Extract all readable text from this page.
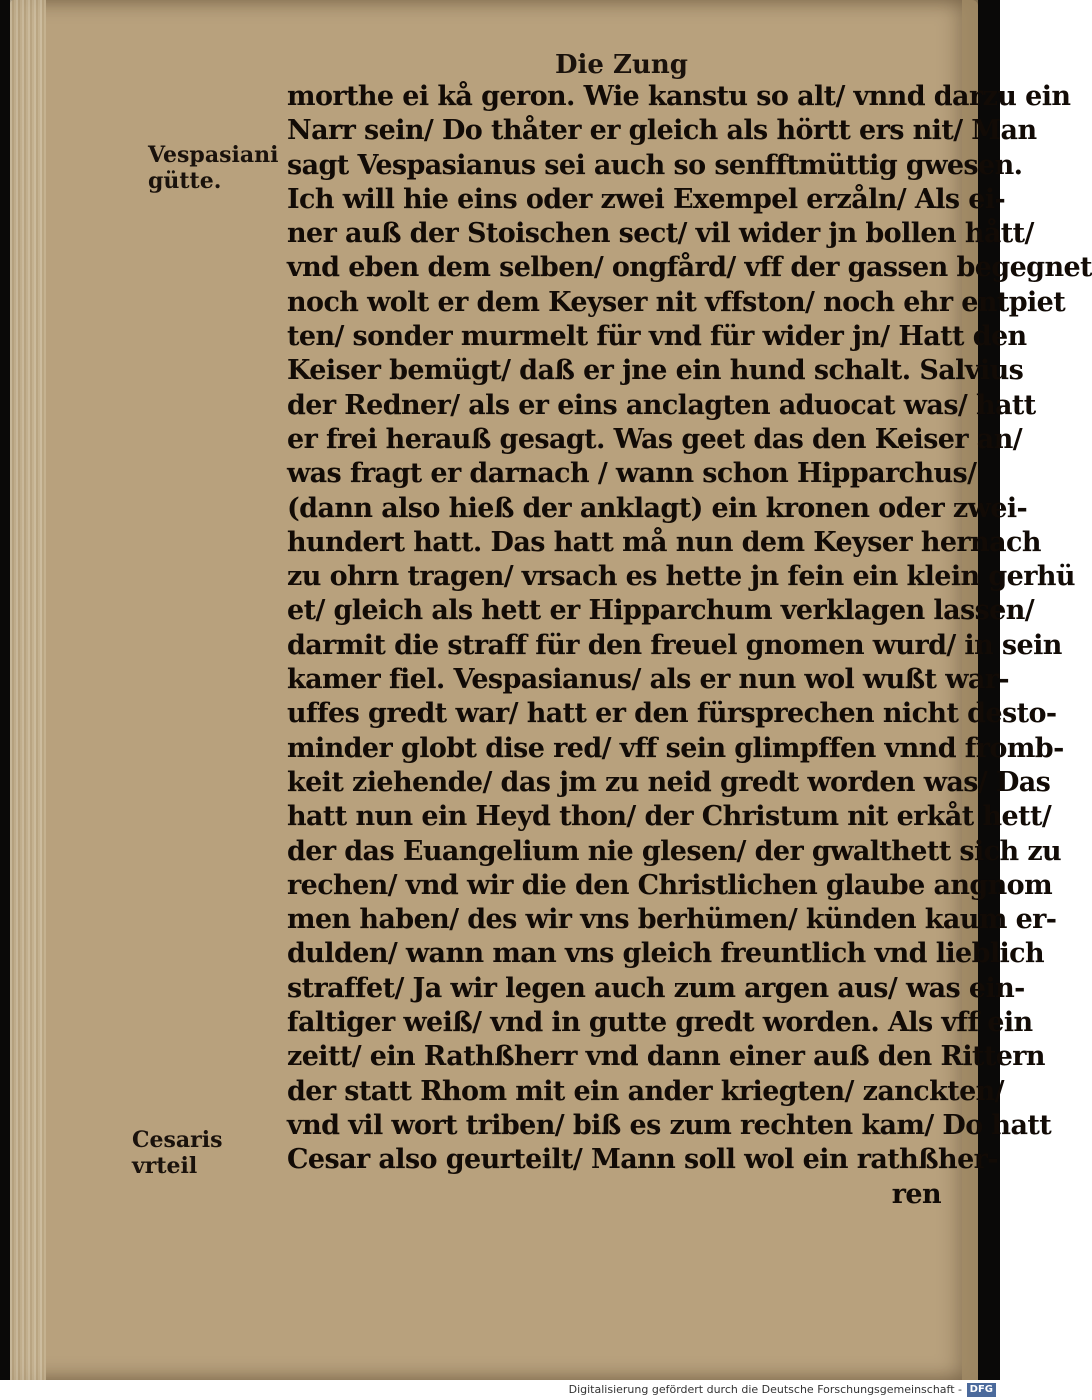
Die Zung
Vespasiani gütte.
Cesaris vrteil
morthe ei kå geron. Wie kanstu so alt/ vnnd darzu ein
Narr sein/ Do thåter er gleich als hörtt ers nit/ Man
sagt Vespasianus sei auch so senfftmüttig gwesen.
Ich will hie eins oder zwei Exempel erzåln/ Als ei-
ner auß der Stoischen sect/ vil wider jn bollen hått/
vnd eben dem selben/ ongfård/ vff der gassen begegnet
noch wolt er dem Keyser nit vffston/ noch ehr entpiet
ten/ sonder murmelt für vnd für wider jn/ Hatt den
Keiser bemügt/ daß er jne ein hund schalt. Salvius
der Redner/ als er eins anclagten aduocat was/ hatt
er frei herauß gesagt. Was geet das den Keiser an/
was fragt er darnach / wann schon Hipparchus/
(dann also hieß der anklagt) ein kronen oder zwei-
hundert hatt. Das hatt må nun dem Keyser hernach
zu ohrn tragen/ vrsach es hette jn fein ein klein gerhü
et/ gleich als hett er Hipparchum verklagen lassen/
darmit die straff für den freuel gnomen wurd/ in sein
kamer fiel. Vespasianus/ als er nun wol wußt war-
uffes gredt war/ hatt er den fürsprechen nicht desto-
minder globt dise red/ vff sein glimpffen vnnd fromb-
keit ziehende/ das jm zu neid gredt worden was/ Das
hatt nun ein Heyd thon/ der Christum nit erkåt hett/
der das Euangelium nie glesen/ der gwalthett sich zu
rechen/ vnd wir die den Christlichen glaube angnom
men haben/ des wir vns berhümen/ künden kaum er-
dulden/ wann man vns gleich freuntlich vnd lieblich
straffet/ Ja wir legen auch zum argen aus/ was ein-
faltiger weiß/ vnd in gutte gredt worden. Als vff ein
zeitt/ ein Rathßherr vnd dann einer auß den Rittern
der statt Rhom mit ein ander kriegten/ zanckten/
vnd vil wort triben/ biß es zum rechten kam/ Do hatt
Cesar also geurteilt/ Mann soll wol ein rathßher-
ren
Digitalisierung gefördert durch die Deutsche Forschungsgemeinschaft - DFG
